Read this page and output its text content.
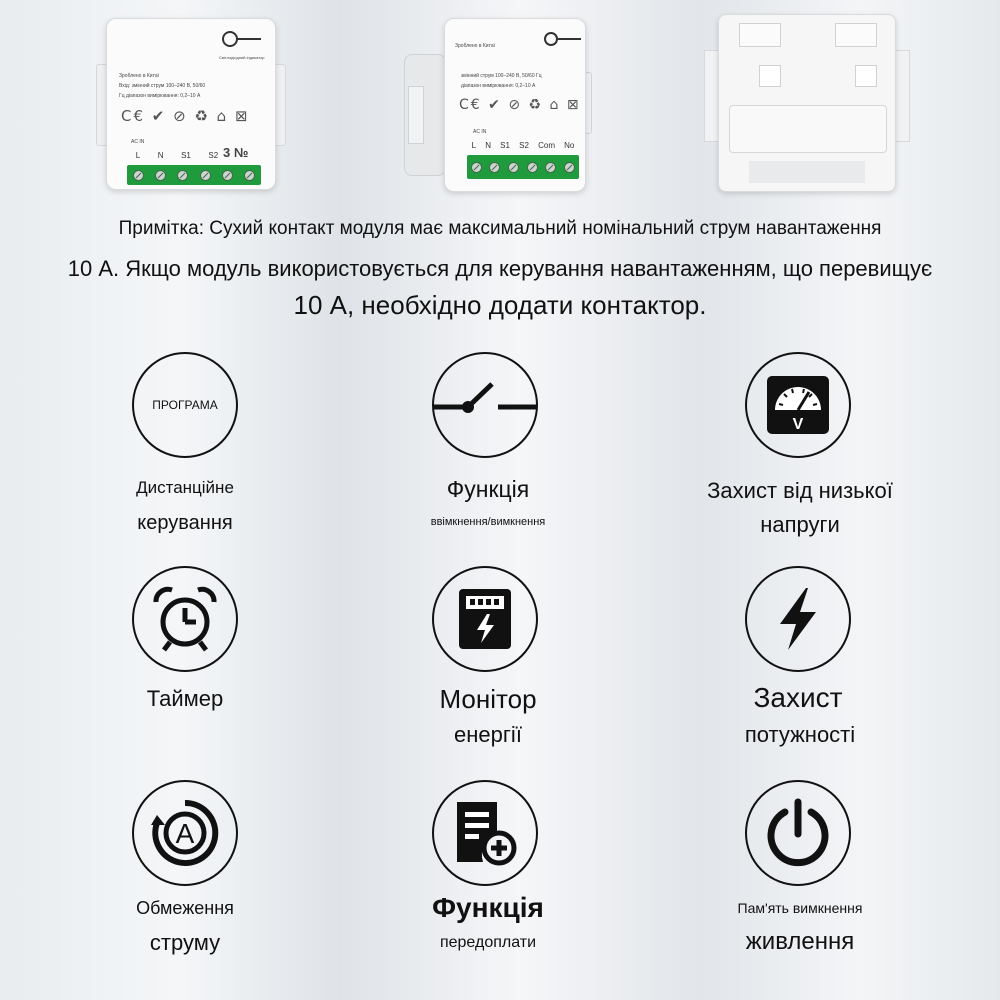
Світлодіодний індикатор
Зроблено в Китаї
Вхід: змінний струм 100–240 В, 50/60
Гц діапазон вимірювання: 0,2–10 А
C€ ✔ ⊘ ♻ ⌂ ⊠
AC IN
L N S1 S2 3 №
Зроблено в Китаї
змінний струм 100–240 В, 50/60 Гц
діапазон вимірювання: 0,2–10 А
C€ ✔ ⊘ ♻ ⌂ ⊠
AC IN
L N S1 S2 Com No
Примітка: Сухий контакт модуля має максимальний номінальний струм навантаження
10 А. Якщо модуль використовується для керування навантаженням, що перевищує
10 А, необхідно додати контактор.
ПРОГРАМА
Дистанційне
керування
Функція
ввімкнення/вимкнення
V
Захист від низької
напруги
Таймер	Монітор
енергії
Захист
потужності
A
Обмеження
струму
Функція
передоплати
Пам'ять вимкнення
живлення
